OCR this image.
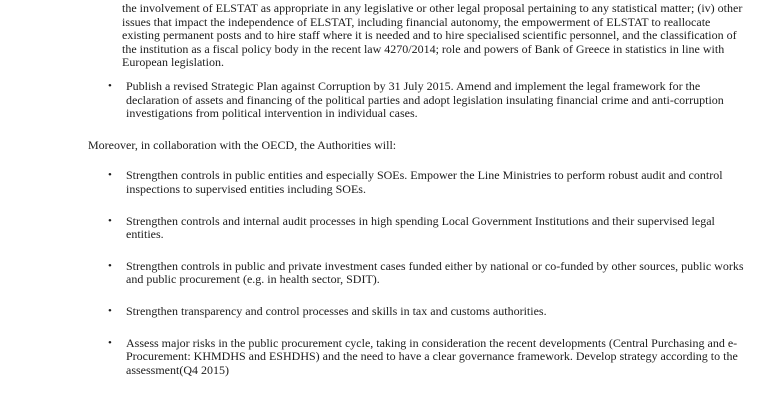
the involvement of ELSTAT as appropriate in any legislative or other legal proposal pertaining to any statistical matter; (iv) other issues that impact the independence of ELSTAT, including financial autonomy, the empowerment of ELSTAT to reallocate existing permanent posts and to hire staff where it is needed and to hire specialised scientific personnel, and the classification of the institution as a fiscal policy body in the recent law 4270/2014; role and powers of Bank of Greece in statistics in line with European legislation.

•	Publish a revised Strategic Plan against Corruption by 31 July 2015. Amend and implement the legal framework for the declaration of assets and financing of the political parties and adopt legislation insulating financial crime and anti-corruption investigations from political intervention in individual cases.

Moreover, in collaboration with the OECD, the Authorities will:

•	Strengthen controls in public entities and especially SOEs. Empower the Line Ministries to perform robust audit and control inspections to supervised entities including SOEs.
•	Strengthen controls and internal audit processes in high spending Local Government Institutions and their supervised legal entities.
•	Strengthen controls in public and private investment cases funded either by national or co-funded by other sources, public works and public procurement (e.g. in health sector, SDIT).
•	Strengthen transparency and control processes and skills in tax and customs authorities.
•	Assess major risks in the public procurement cycle, taking in consideration the recent developments (Central Purchasing and e-Procurement: KHMDHS and ESHDHS) and the need to have a clear governance framework. Develop strategy according to the assessment(Q4 2015)
